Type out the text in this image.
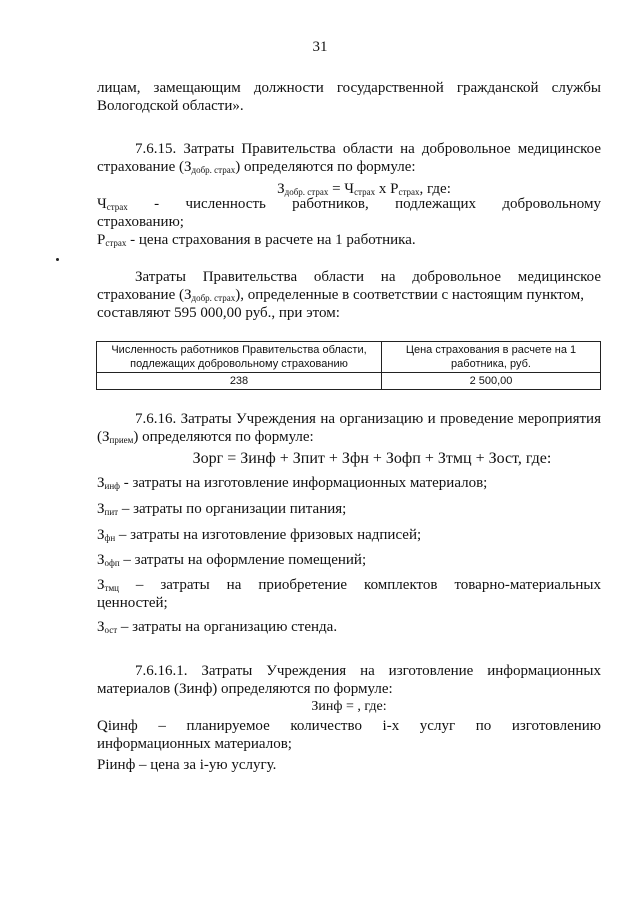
31

лицам, замещающим должности государственной гражданской службы

Вологодской области».

7.6.15. Затраты Правительства области на добровольное медицинское

страхование $(З_{добр. страх})$ определяются по формуле:

$З_{добр. страх} = Ч_{страх}$ х $Р_{страх}$, где:

$Ч_{страх}$ - численность работников, подлежащих добровольному

страхованию;

$Р_{страх}$ - цена страхования в расчете на 1 работника.

Затраты Правительства области на добровольное медицинское

страхование $(З_{добр. страх})$, определенные в соответствии с настоящим пунктом,

составляют 595 000,00 руб., при этом:

Численность работников Правительства области, подлежащих добровольному страхованию	Цена страхования в расчете на 1 работника, руб.
238	2 500,00

7.6.16. Затраты Учреждения на организацию и проведение мероприятия

$(З_{прием})$ определяются по формуле:

Зорг = Зинф + Зпит + Зфн + Зофп + Зтмц + Зост, где:

$З_{инф}$ - затраты на изготовление информационных материалов;

$З_{пит}$ – затраты по организации питания;

$З_{фн}$ – затраты на изготовление фризовых надписей;

$З_{офп}$ – затраты на оформление помещений;

$З_{тмц}$ – затраты на приобретение комплектов товарно-материальных

ценностей;

$З_{ост}$ – затраты на организацию стенда.

7.6.16.1. Затраты Учреждения на изготовление информационных

материалов (Зинф) определяются по формуле:

Зинф = , где:

Qiинф – планируемое количество i-х услуг по изготовлению

информационных материалов;

Piинф – цена за i-ую услугу.
